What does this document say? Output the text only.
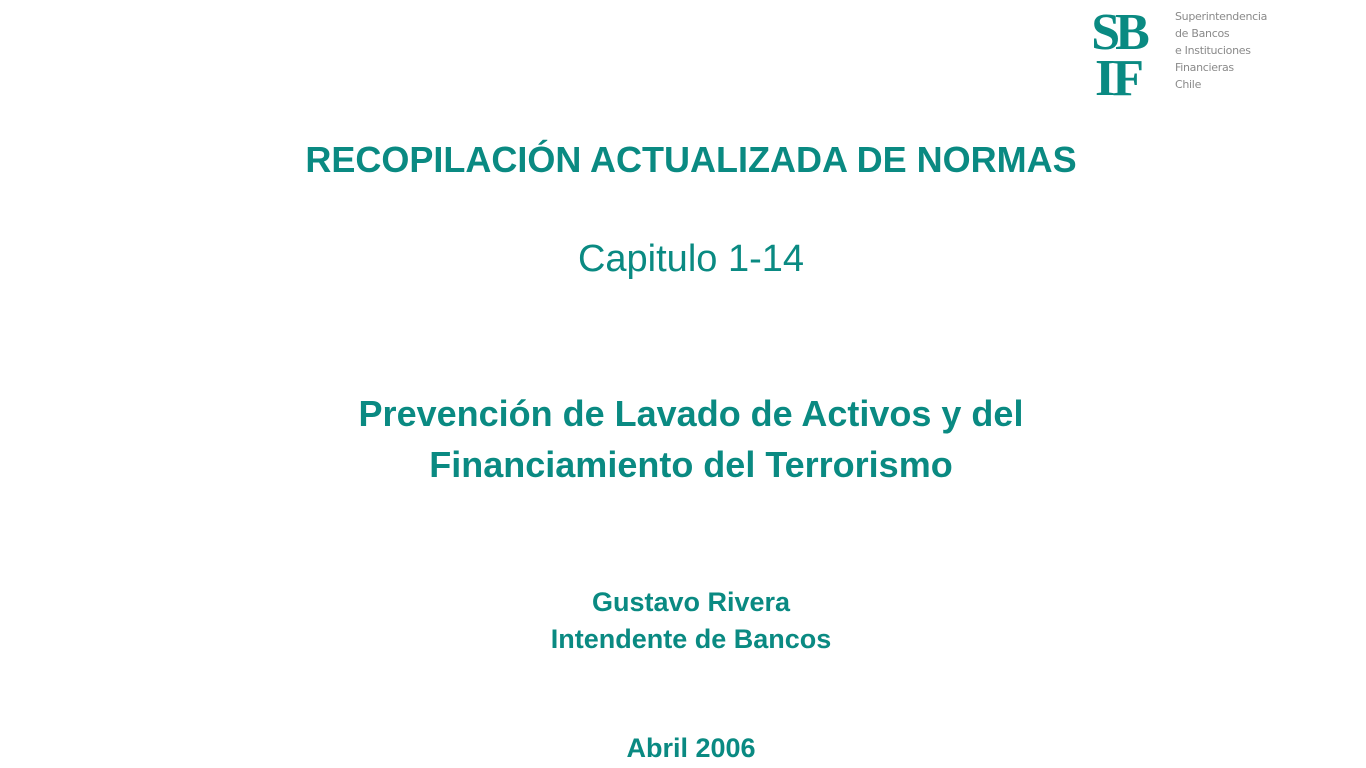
SB
IF
Superintendencia
de Bancos
e Instituciones
Financieras
Chile
RECOPILACIÓN ACTUALIZADA DE NORMAS
Capitulo 1-14
Prevención de Lavado de Activos y del
Financiamiento del Terrorismo
Gustavo Rivera
Intendente de Bancos
Abril 2006
